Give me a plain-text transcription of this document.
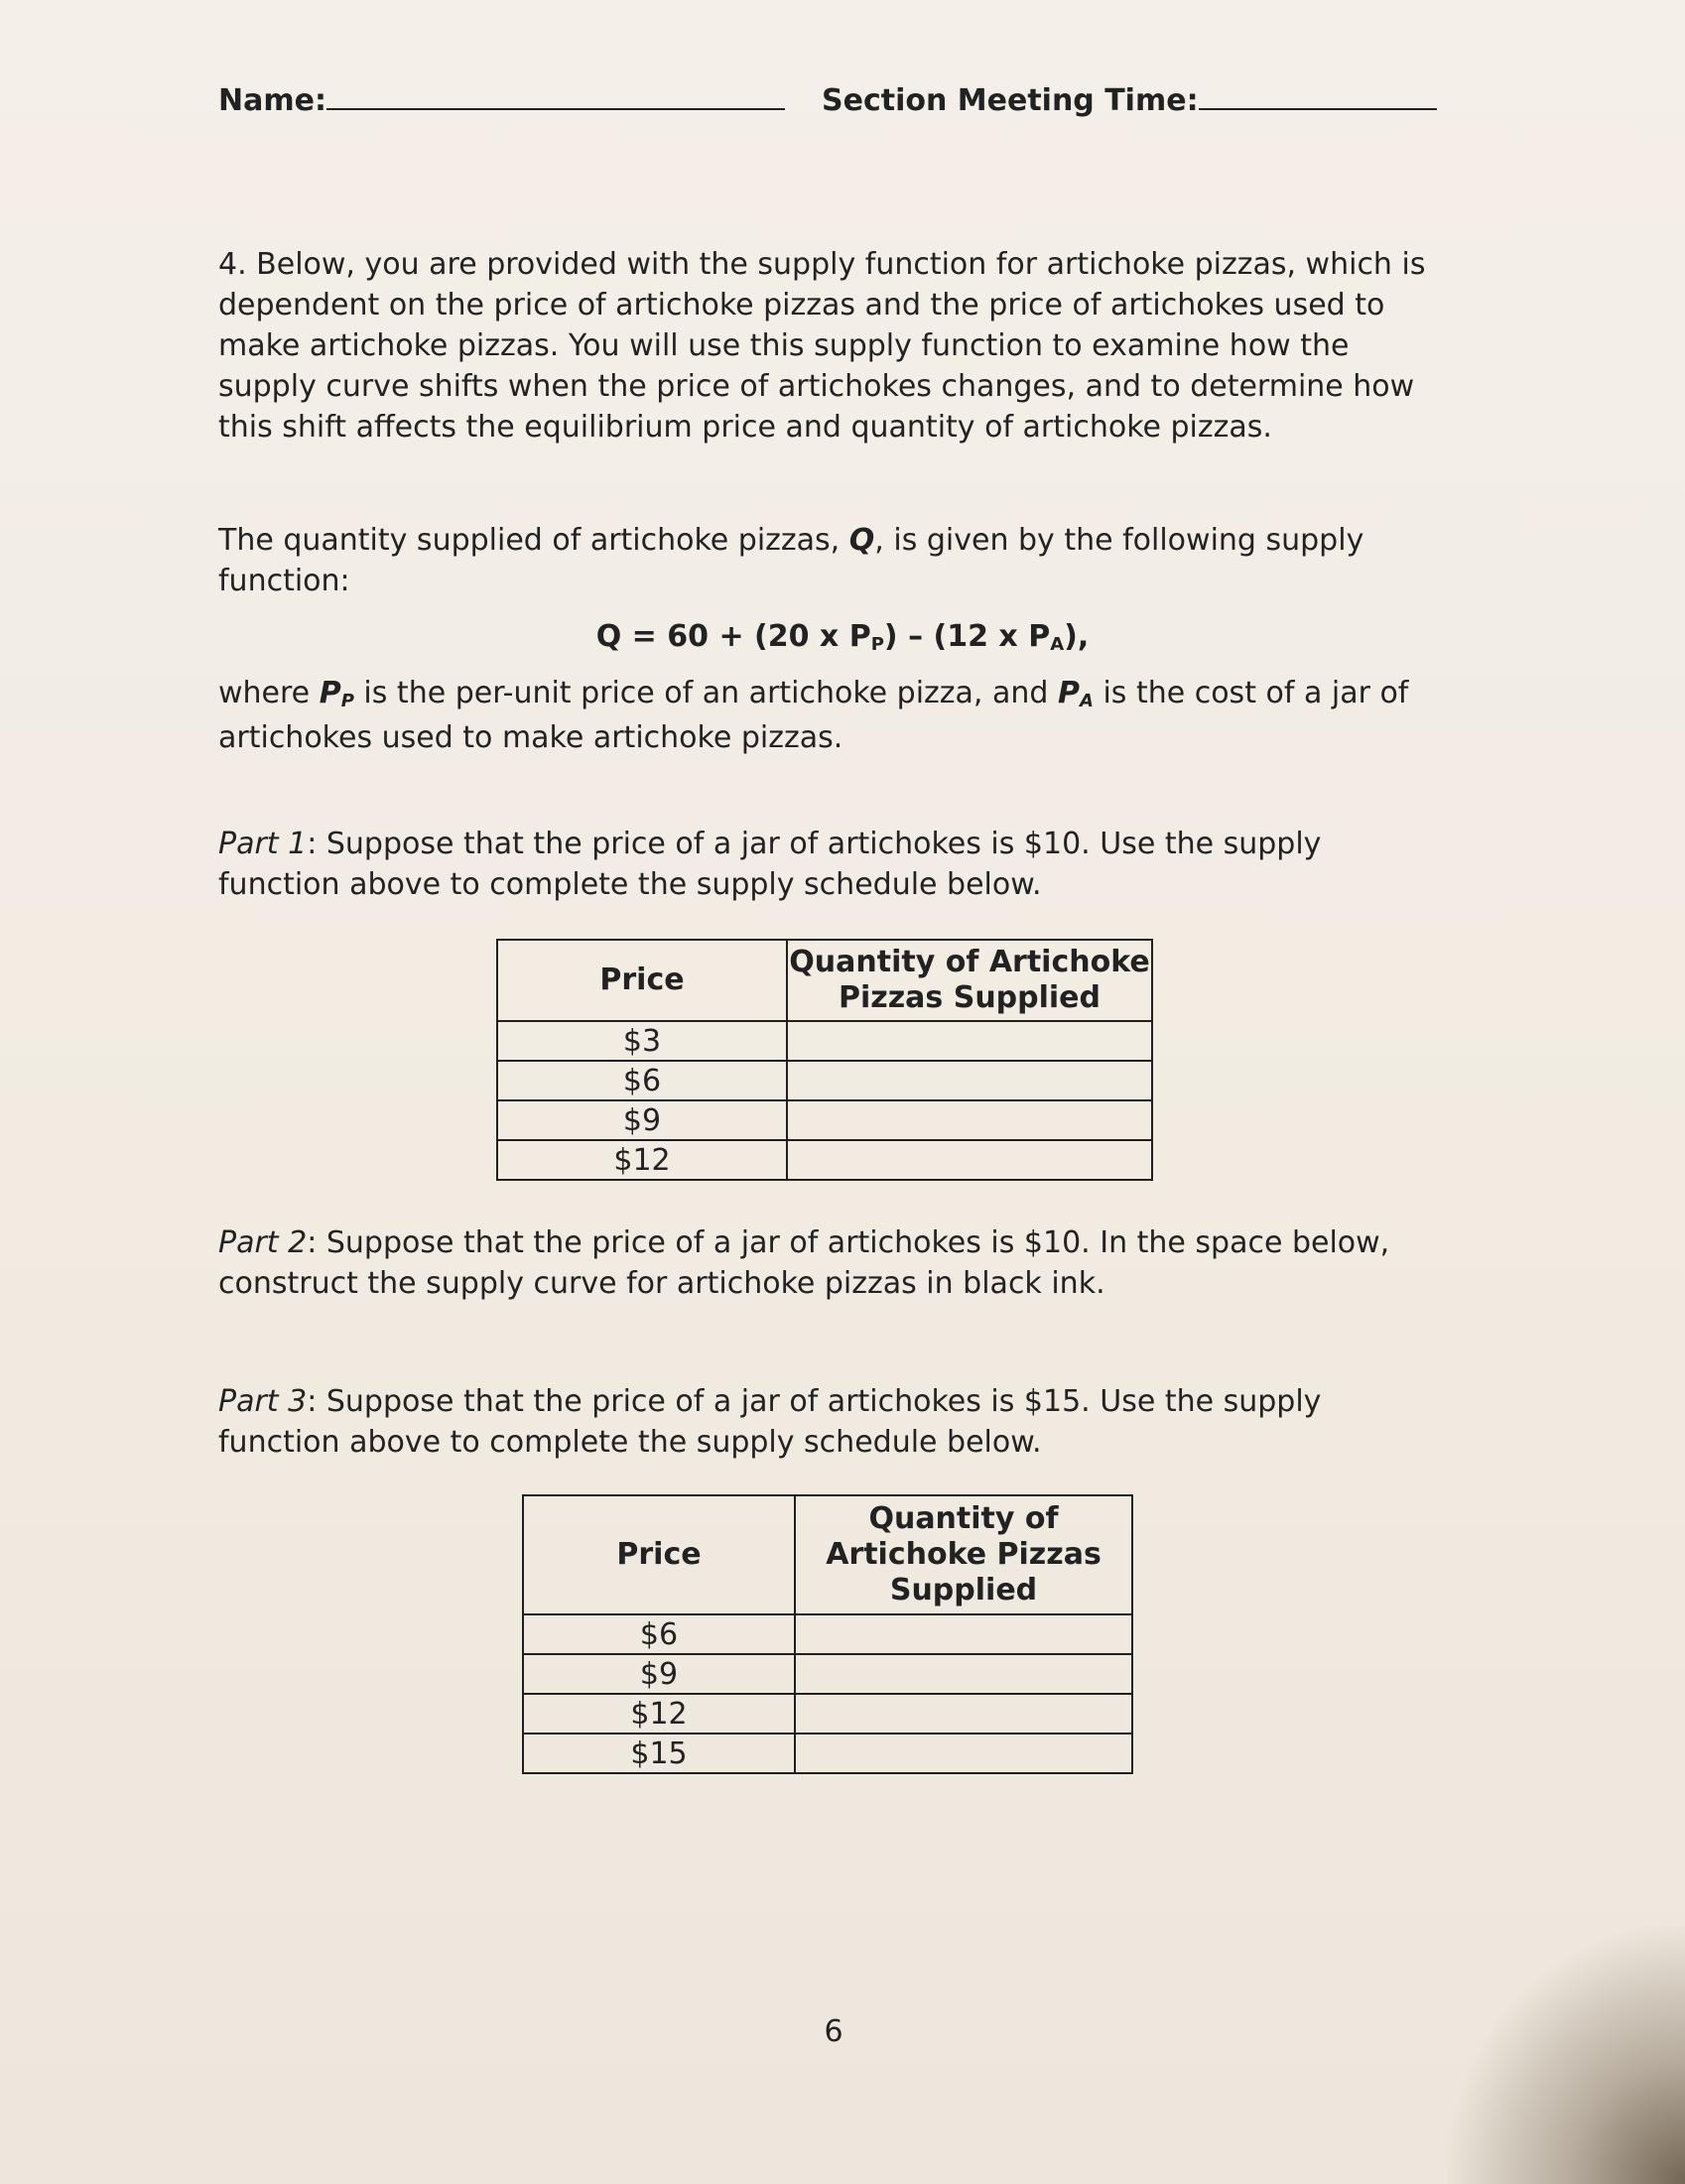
Name:	Section Meeting Time:

4. Below, you are provided with the supply function for artichoke pizzas, which is dependent on the price of artichoke pizzas and the price of artichokes used to make artichoke pizzas. You will use this supply function to examine how the supply curve shifts when the price of artichokes changes, and to determine how this shift affects the equilibrium price and quantity of artichoke pizzas.

The quantity supplied of artichoke pizzas, Q, is given by the following supply function:

Q = 60 + (20 x $P_P) - (12$ x $P_A$),

where $P_P$ is the per-unit price of an artichoke pizza, and $P_A$ is the cost of a jar of artichokes used to make artichoke pizzas.

Part 1: Suppose that the price of a jar of artichokes is $10. Use the supply function above to complete the supply schedule below.

Price	Quantity of Artichoke
Pizzas Supplied
$3	
$6	
$9	
$12	

Part 2: Suppose that the price of a jar of artichokes is $10. In the space below, construct the supply curve for artichoke pizzas in black ink.

Part 3: Suppose that the price of a jar of artichokes is $15. Use the supply function above to complete the supply schedule below.

Price	Quantity of
Artichoke Pizzas
Supplied
$6	
$9	
$12	
$15	
6
